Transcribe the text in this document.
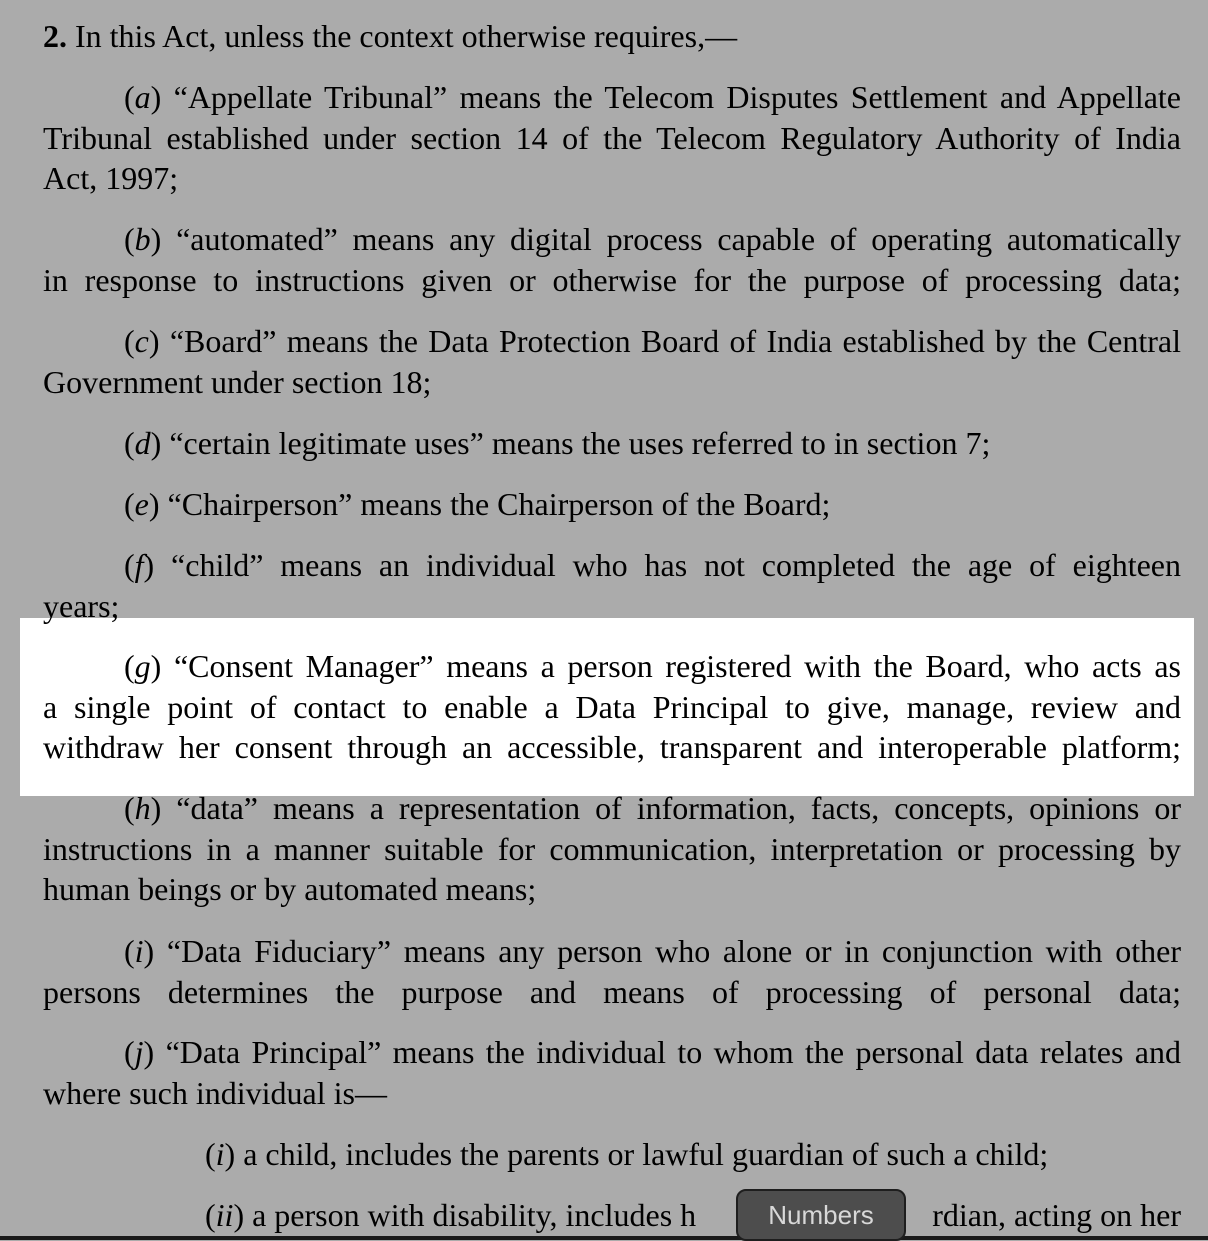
2. In this Act, unless the context otherwise requires,—
(a) “Appellate Tribunal” means the Telecom Disputes Settlement and Appellate
Tribunal established under section 14 of the Telecom Regulatory Authority of India
Act, 1997;
(b) “automated” means any digital process capable of operating automatically
in response to instructions given or otherwise for the purpose of processing data;
(c) “Board” means the Data Protection Board of India established by the Central
Government under section 18;
(d) “certain legitimate uses” means the uses referred to in section 7;
(e) “Chairperson” means the Chairperson of the Board;
(f) “child” means an individual who has not completed the age of eighteen
years;
(g) “Consent Manager” means a person registered with the Board, who acts as
a single point of contact to enable a Data Principal to give, manage, review and
withdraw her consent through an accessible, transparent and interoperable platform;
(h) “data” means a representation of information, facts, concepts, opinions or
instructions in a manner suitable for communication, interpretation or processing by
human beings or by automated means;
(i) “Data Fiduciary” means any person who alone or in conjunction with other
persons determines the purpose and means of processing of personal data;
(j) “Data Principal” means the individual to whom the personal data relates and
where such individual is—
(i) a child, includes the parents or lawful guardian of such a child;
(ii) a person with disability, includes h	rdian, acting on her
Numbers
